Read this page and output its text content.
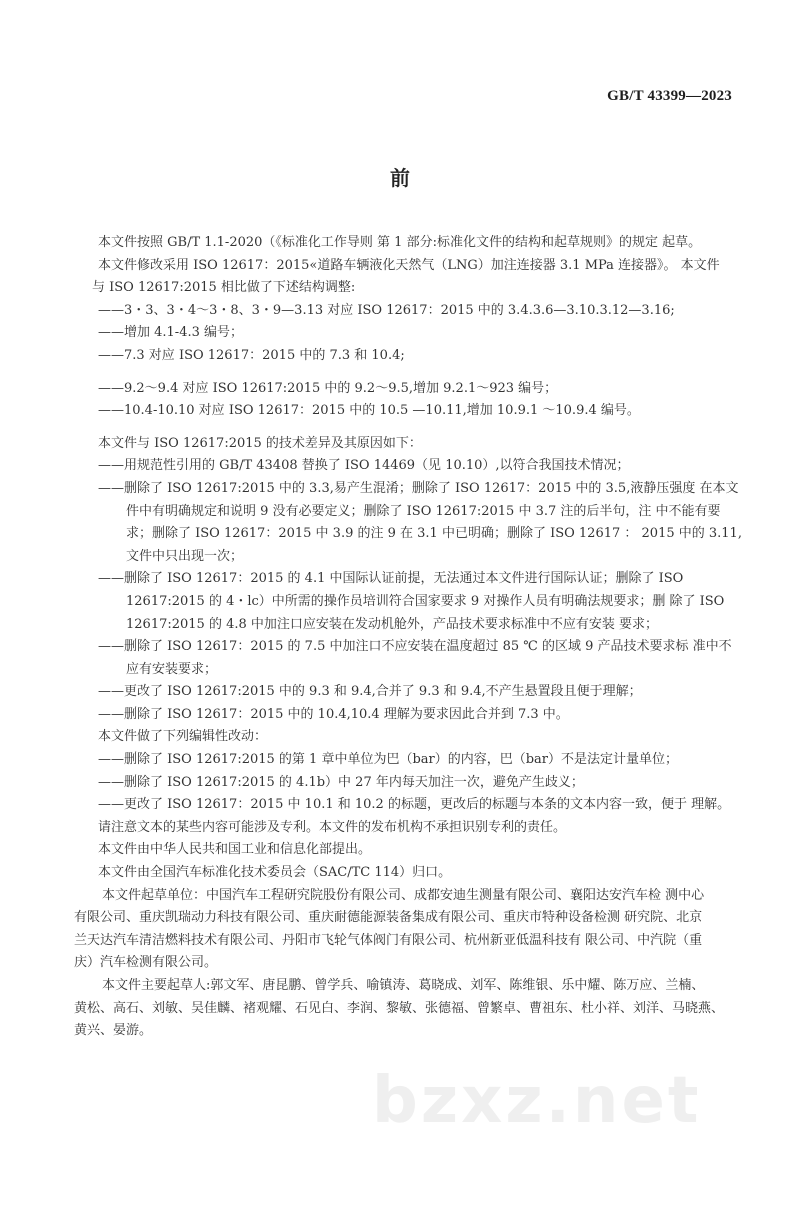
GB/T 43399—2023
前
本文件按照 GB/T 1.1-2020（《标准化工作导则 第 1 部分:标准化文件的结构和起草规则》的规定 起草。
本文件修改采用 ISO 12617：2015«道路车辆液化天然气（LNG）加注连接器 3.1 MPa 连接器》。 本文件
与 ISO 12617:2015 相比做了下述结构调整:
——3・3、3・4～3・8、3・9—3.13 对应 ISO 12617：2015 中的 3.4.3.6—3.10.3.12—3.16;
——增加 4.1-4.3 编号；
——7.3 对应 ISO 12617：2015 中的 7.3 和 10.4;
——9.2～9.4 对应 ISO 12617:2015 中的 9.2～9.5,增加 9.2.1～923 编号；
——10.4-10.10 对应 ISO 12617：2015 中的 10.5 —10.11,增加 10.9.1 ～10.9.4 编号。
本文件与 ISO 12617:2015 的技术差异及其原因如下：
——用规范性引用的 GB/T 43408 替换了 ISO 14469（见 10.10）,以符合我国技术情况；
——删除了 ISO 12617:2015 中的 3.3,易产生混淆；删除了 ISO 12617：2015 中的 3.5,液静压强度 在本文
件中有明确规定和说明 9 没有必要定义；删除了 ISO 12617:2015 中 3.7 注的后半句，注 中不能有要
求；删除了 ISO 12617：2015 中 3.9 的注 9 在 3.1 中已明确；删除了 ISO 12617 ： 2015 中的 3.11,
文件中只出现一次；
——删除了 ISO 12617：2015 的 4.1 中国际认证前提，无法通过本文件进行国际认证；删除了 ISO
12617:2015 的 4・lc）中所需的操作员培训符合国家要求 9 对操作人员有明确法规要求；删 除了 ISO
12617:2015 的 4.8 中加注口应安装在发动机舱外，产品技术要求标准中不应有安装 要求；
——删除了 ISO 12617：2015 的 7.5 中加注口不应安装在温度超过 85 ℃ 的区域 9 产品技术要求标 准中不
应有安装要求；
——更改了 ISO 12617:2015 中的 9.3 和 9.4,合并了 9.3 和 9.4,不产生悬置段且便于理解；
——删除了 ISO 12617：2015 中的 10.4,10.4 理解为要求因此合并到 7.3 中。
本文件做了下列编辑性改动：
——删除了 ISO 12617:2015 的第 1 章中单位为巴（bar）的内容，巴（bar）不是法定计量单位；
——删除了 ISO 12617:2015 的 4.1b）中 27 年内每天加注一次，避免产生歧义；
——更改了 ISO 12617：2015 中 10.1 和 10.2 的标题，更改后的标题与本条的文本内容一致，便于 理解。
请注意文本的某些内容可能涉及专利。本文件的发布机构不承担识别专利的责任。
本文件由中华人民共和国工业和信息化部提出。
本文件由全国汽车标准化技术委员会（SAC/TC 114）归口。
本文件起草单位：中国汽车工程研究院股份有限公司、成都安迪生测量有限公司、襄阳达安汽车检 测中心
有限公司、重庆凯瑞动力科技有限公司、重庆耐德能源装备集成有限公司、重庆市特种设备检测 研究院、北京
兰天达汽车清洁燃料技术有限公司、丹阳市飞轮气体阀门有限公司、杭州新亚低温科技有 限公司、中汽院（重
庆）汽车检测有限公司。
本文件主要起草人:郭文军、唐昆鹏、曾学兵、喻镇涛、葛晓成、刘军、陈维银、乐中耀、陈万应、兰楠、
黄松、高石、刘敏、吴佳麟、褚观耀、石见白、李润、黎敏、张德福、曾繁卓、曹祖东、杜小祥、刘洋、马晓燕、
黄兴、晏游。
bzxz.net
